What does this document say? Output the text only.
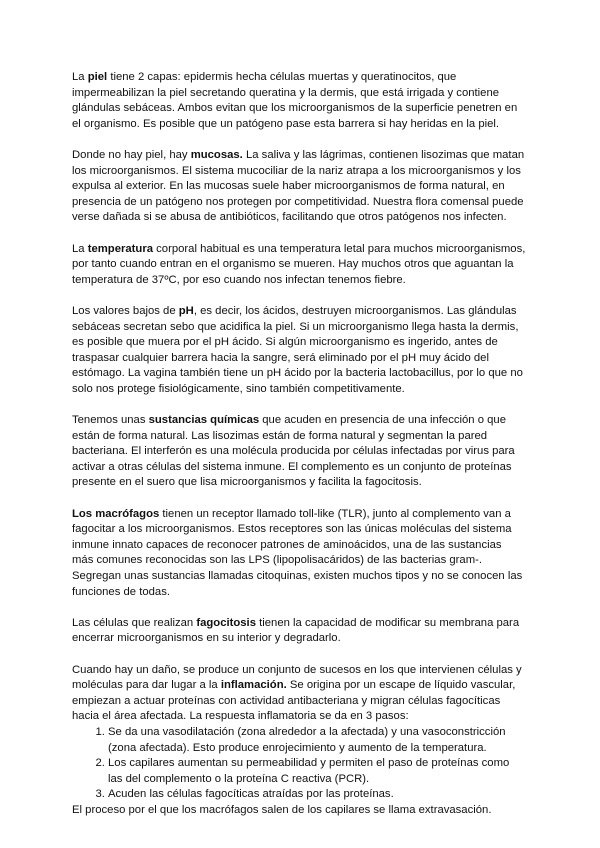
La piel tiene 2 capas: epidermis hecha células muertas y queratinocitos, que impermeabilizan la piel secretando queratina y la dermis, que está irrigada y contiene glándulas sebáceas. Ambos evitan que los microorganismos de la superficie penetren en el organismo. Es posible que un patógeno pase esta barrera si hay heridas en la piel.

Donde no hay piel, hay mucosas. La saliva y las lágrimas, contienen lisozimas que matan los microorganismos. El sistema mucociliar de la nariz atrapa a los microorganismos y los expulsa al exterior. En las mucosas suele haber microorganismos de forma natural, en presencia de un patógeno nos protegen por competitividad. Nuestra flora comensal puede verse dañada si se abusa de antibióticos, facilitando que otros patógenos nos infecten.

La temperatura corporal habitual es una temperatura letal para muchos microorganismos, por tanto cuando entran en el organismo se mueren. Hay muchos otros que aguantan la temperatura de 37ºC, por eso cuando nos infectan tenemos fiebre.

Los valores bajos de pH, es decir, los ácidos, destruyen microorganismos. Las glándulas sebáceas secretan sebo que acidifica la piel. Si un microorganismo llega hasta la dermis, es posible que muera por el pH ácido. Si algún microorganismo es ingerido, antes de traspasar cualquier barrera hacia la sangre, será eliminado por el pH muy ácido del estómago. La vagina también tiene un pH ácido por la bacteria lactobacillus, por lo que no solo nos protege fisiológicamente, sino también competitivamente.

Tenemos unas sustancias químicas que acuden en presencia de una infección o que están de forma natural. Las lisozimas están de forma natural y segmentan la pared bacteriana. El interferón es una molécula producida por células infectadas por virus para activar a otras células del sistema inmune. El complemento es un conjunto de proteínas presente en el suero que lisa microorganismos y facilita la fagocitosis.

Los macrófagos tienen un receptor llamado toll-like (TLR), junto al complemento van a fagocitar a los microorganismos. Estos receptores son las únicas moléculas del sistema inmune innato capaces de reconocer patrones de aminoácidos, una de las sustancias más comunes reconocidas son las LPS (lipopolisacáridos) de las bacterias gram-. Segregan unas sustancias llamadas citoquinas, existen muchos tipos y no se conocen las funciones de todas.

Las células que realizan fagocitosis tienen la capacidad de modificar su membrana para encerrar microorganismos en su interior y degradarlo.

Cuando hay un daño, se produce un conjunto de sucesos en los que intervienen células y moléculas para dar lugar a la inflamación. Se origina por un escape de líquido vascular, empiezan a actuar proteínas con actividad antibacteriana y migran células fagocíticas hacia el área afectada. La respuesta inflamatoria se da en 3 pasos:

1. Se da una vasodilatación (zona alrededor a la afectada) y una vasoconstricción (zona afectada). Esto produce enrojecimiento y aumento de la temperatura.
2. Los capilares aumentan su permeabilidad y permiten el paso de proteínas como las del complemento o la proteína C reactiva (PCR).
3. Acuden las células fagocíticas atraídas por las proteínas.

El proceso por el que los macrófagos salen de los capilares se llama extravasación.
